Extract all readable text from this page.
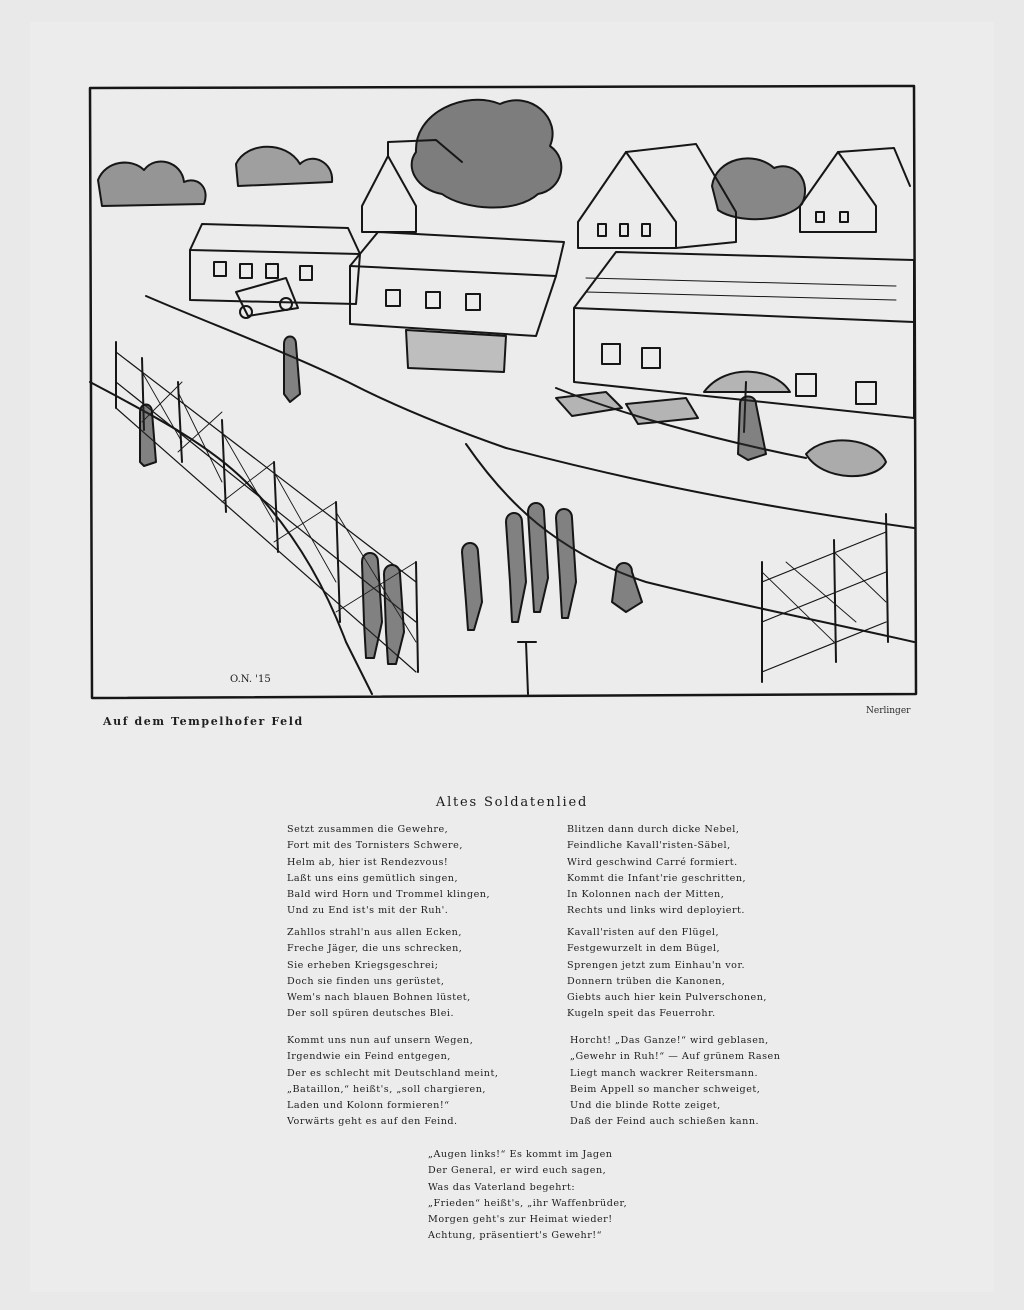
O.N. '15
Auf dem Tempelhofer Feld
Nerlinger
Altes Soldatenlied
Setzt zusammen die Gewehre,
Fort mit des Tornisters Schwere,
Helm ab, hier ist Rendezvous!
Laßt uns eins gemütlich singen,
Bald wird Horn und Trommel klingen,
Und zu End ist's mit der Ruh'.
Zahllos strahl'n aus allen Ecken,
Freche Jäger, die uns schrecken,
Sie erheben Kriegsgeschrei;
Doch sie finden uns gerüstet,
Wem's nach blauen Bohnen lüstet,
Der soll spüren deutsches Blei.
Kommt uns nun auf unsern Wegen,
Irgendwie ein Feind entgegen,
Der es schlecht mit Deutschland meint,
„Bataillon,“ heißt's, „soll chargieren,
Laden und Kolonn formieren!“
Vorwärts geht es auf den Feind.
Blitzen dann durch dicke Nebel,
Feindliche Kavall'risten-Säbel,
Wird geschwind Carré formiert.
Kommt die Infant'rie geschritten,
In Kolonnen nach der Mitten,
Rechts und links wird deployiert.
Kavall'risten auf den Flügel,
Festgewurzelt in dem Bügel,
Sprengen jetzt zum Einhau'n vor.
Donnern trüben die Kanonen,
Giebts auch hier kein Pulverschonen,
Kugeln speit das Feuerrohr.
Horcht! „Das Ganze!“ wird geblasen,
„Gewehr in Ruh!“ — Auf grünem Rasen
Liegt manch wackrer Reitersmann.
Beim Appell so mancher schweiget,
Und die blinde Rotte zeiget,
Daß der Feind auch schießen kann.
„Augen links!“ Es kommt im Jagen
Der General, er wird euch sagen,
Was das Vaterland begehrt:
„Frieden“ heißt's, „ihr Waffenbrüder,
Morgen geht's zur Heimat wieder!
Achtung, präsentiert's Gewehr!“
